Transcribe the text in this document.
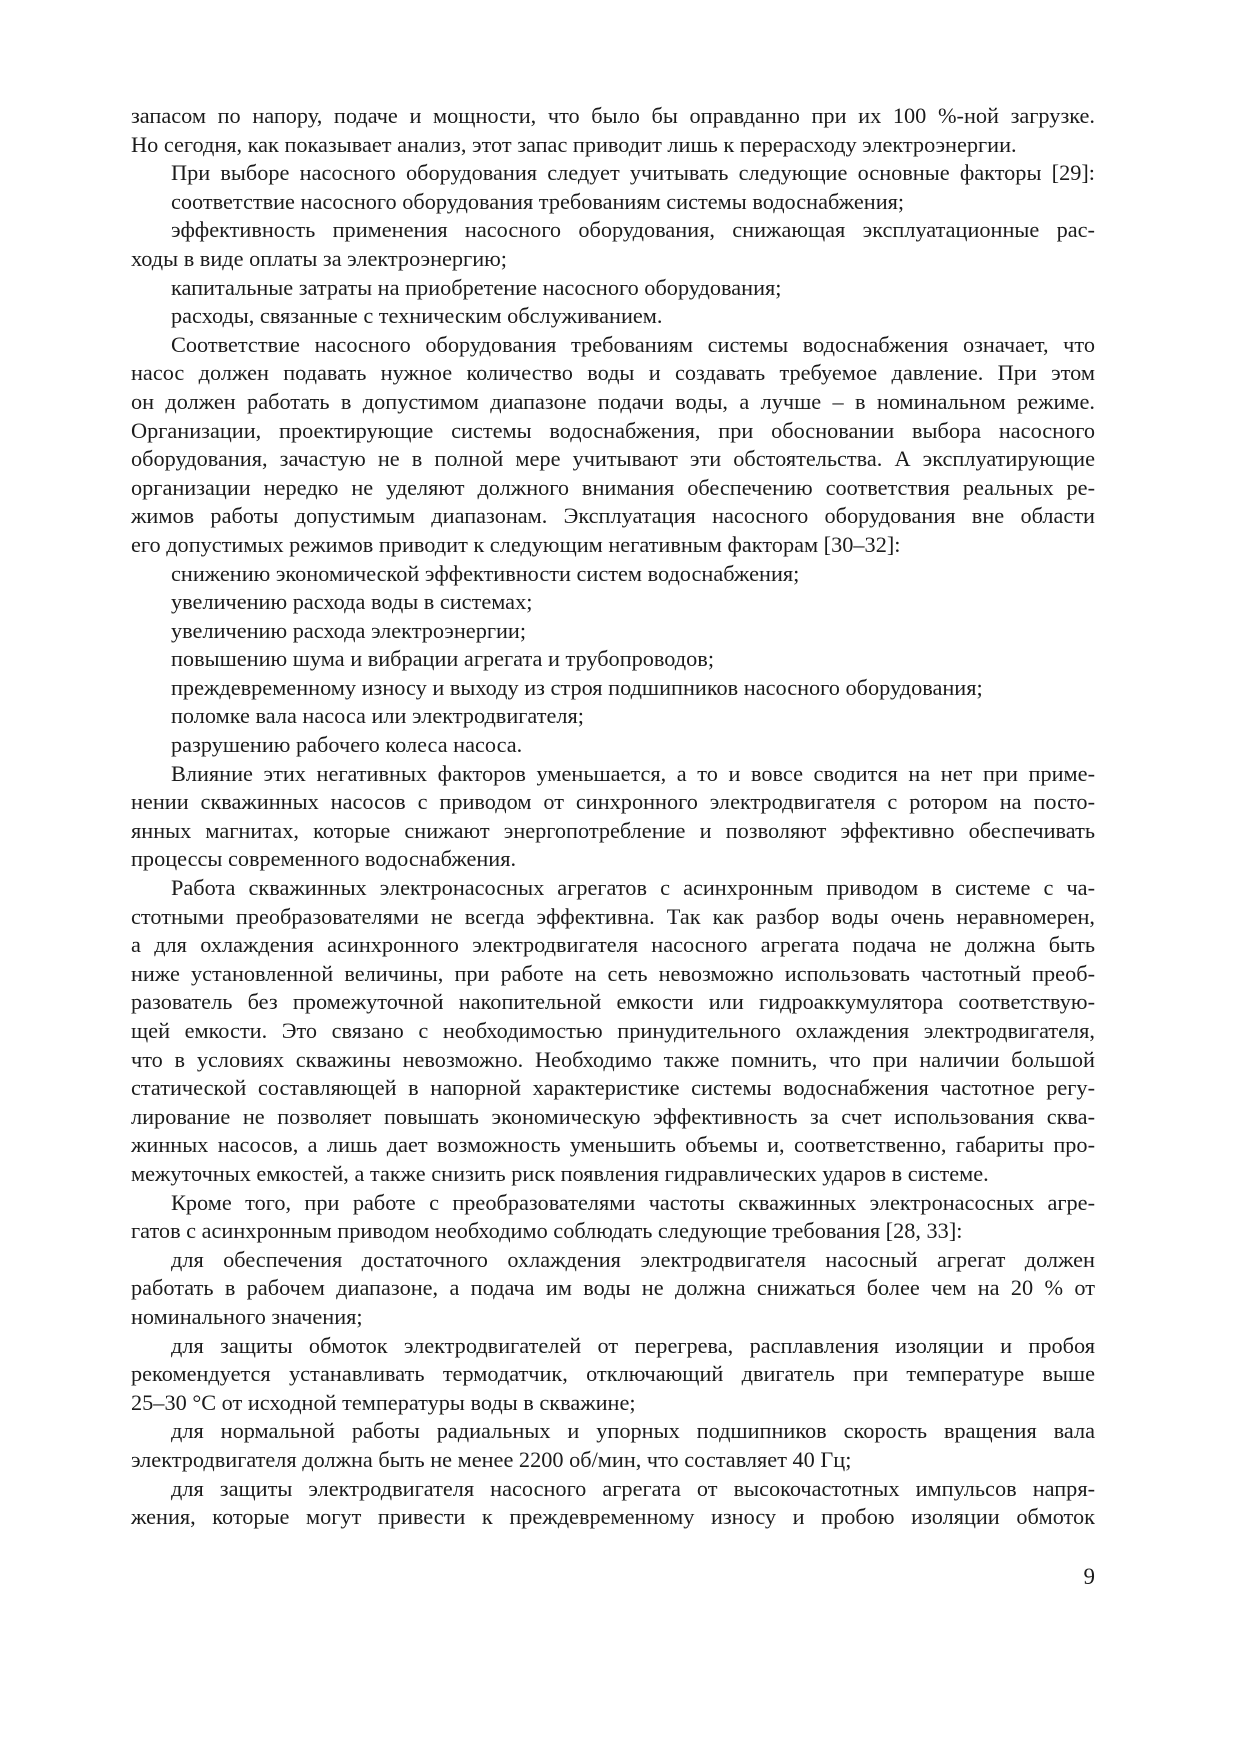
запасом по напору, подаче и мощности, что было бы оправданно при их 100 %-ной загрузке.
Но сегодня, как показывает анализ, этот запас приводит лишь к перерасходу электроэнергии.
При выборе насосного оборудования следует учитывать следующие основные факторы [29]:
соответствие насосного оборудования требованиям системы водоснабжения;
эффективность применения насосного оборудования, снижающая эксплуатационные рас-
ходы в виде оплаты за электроэнергию;
капитальные затраты на приобретение насосного оборудования;
расходы, связанные с техническим обслуживанием.
Соответствие насосного оборудования требованиям системы водоснабжения означает, что
насос должен подавать нужное количество воды и создавать требуемое давление. При этом
он должен работать в допустимом диапазоне подачи воды, а лучше – в номинальном режиме.
Организации, проектирующие системы водоснабжения, при обосновании выбора насосного
оборудования, зачастую не в полной мере учитывают эти обстоятельства. А эксплуатирующие
организации нередко не уделяют должного внимания обеспечению соответствия реальных ре-
жимов работы допустимым диапазонам. Эксплуатация насосного оборудования вне области
его допустимых режимов приводит к следующим негативным факторам [30–32]:
снижению экономической эффективности систем водоснабжения;
увеличению расхода воды в системах;
увеличению расхода электроэнергии;
повышению шума и вибрации агрегата и трубопроводов;
преждевременному износу и выходу из строя подшипников насосного оборудования;
поломке вала насоса или электродвигателя;
разрушению рабочего колеса насоса.
Влияние этих негативных факторов уменьшается, а то и вовсе сводится на нет при приме-
нении скважинных насосов с приводом от синхронного электродвигателя с ротором на посто-
янных магнитах, которые снижают энергопотребление и позволяют эффективно обеспечивать
процессы современного водоснабжения.
Работа скважинных электронасосных агрегатов с асинхронным приводом в системе с ча-
стотными преобразователями не всегда эффективна. Так как разбор воды очень неравномерен,
а для охлаждения асинхронного электродвигателя насосного агрегата подача не должна быть
ниже установленной величины, при работе на сеть невозможно использовать частотный преоб-
разователь без промежуточной накопительной емкости или гидроаккумулятора соответствую-
щей емкости. Это связано с необходимостью принудительного охлаждения электродвигателя,
что в условиях скважины невозможно. Необходимо также помнить, что при наличии большой
статической составляющей в напорной характеристике системы водоснабжения частотное регу-
лирование не позволяет повышать экономическую эффективность за счет использования сква-
жинных насосов, а лишь дает возможность уменьшить объемы и, соответственно, габариты про-
межуточных емкостей, а также снизить риск появления гидравлических ударов в системе.
Кроме того, при работе с преобразователями частоты скважинных электронасосных агре-
гатов с асинхронным приводом необходимо соблюдать следующие требования [28, 33]:
для обеспечения достаточного охлаждения электродвигателя насосный агрегат должен
работать в рабочем диапазоне, а подача им воды не должна снижаться более чем на 20 % от
номинального значения;
для защиты обмоток электродвигателей от перегрева, расплавления изоляции и пробоя
рекомендуется устанавливать термодатчик, отключающий двигатель при температуре выше
25–30 °С от исходной температуры воды в скважине;
для нормальной работы радиальных и упорных подшипников скорость вращения вала
электродвигателя должна быть не менее 2200 об/мин, что составляет 40 Гц;
для защиты электродвигателя насосного агрегата от высокочастотных импульсов напря-
жения, которые могут привести к преждевременному износу и пробою изоляции обмоток
9
